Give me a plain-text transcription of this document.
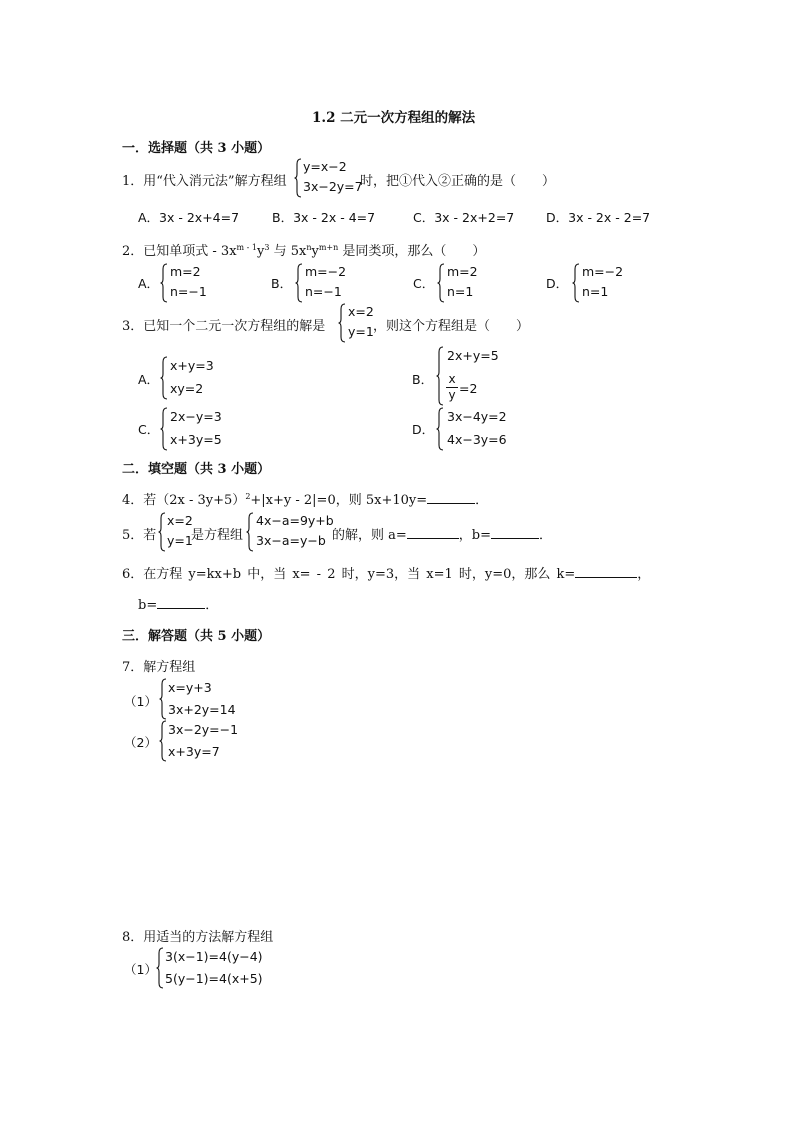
1.2 二元一次方程组的解法
一．选择题（共 3 小题）
1．用“代入消元法”解方程组
y=x−2
3x−2y=7
时，把①代入②正确的是（　　）
A．3x - 2x+4=7	B．3x - 2x - 4=7	C．3x - 2x+2=7	D．3x - 2x - 2=7
2．已知单项式 - $3x^{m - 1}y^3$ 与 $5x^ny^{m+n}$ 是同类项，那么（　　）
A．
m=2
n=−1
B．
m=−2
n=−1
C．
m=2
n=1
D．
m=−2
n=1
3．已知一个二元一次方程组的解是
x=2
y=1 ，则这个方程组是（　　）
A．
x+y=3
xy=2
B．
2x+y=5
$\frac{x}{y} =2$
C．
2x−y=3
x+3y=5
D．
3x−4y=2
4x−3y=6
二．填空题（共 3 小题）
4．若$(2x - 3y+5)^2+|x+y - 2|=0$，则 5x+10y=	．
5．若
x=2
y=1
是方程组
4x−a=9y+b
3x−a=y−b 的解，则 a=	，b=	．
6．在方程 y=kx+b 中，当 x= - 2 时，y=3，当 x=1 时，y=0，那么 k=	，
b=	．
三．解答题（共 5 小题）
7．解方程组
（1）
x=y+3
3x+2y=14
（2）
3x−2y=−1
x+3y=7
8．用适当的方法解方程组
（1）
3(x−1)=4(y−4)
5(y−1)=4(x+5)
